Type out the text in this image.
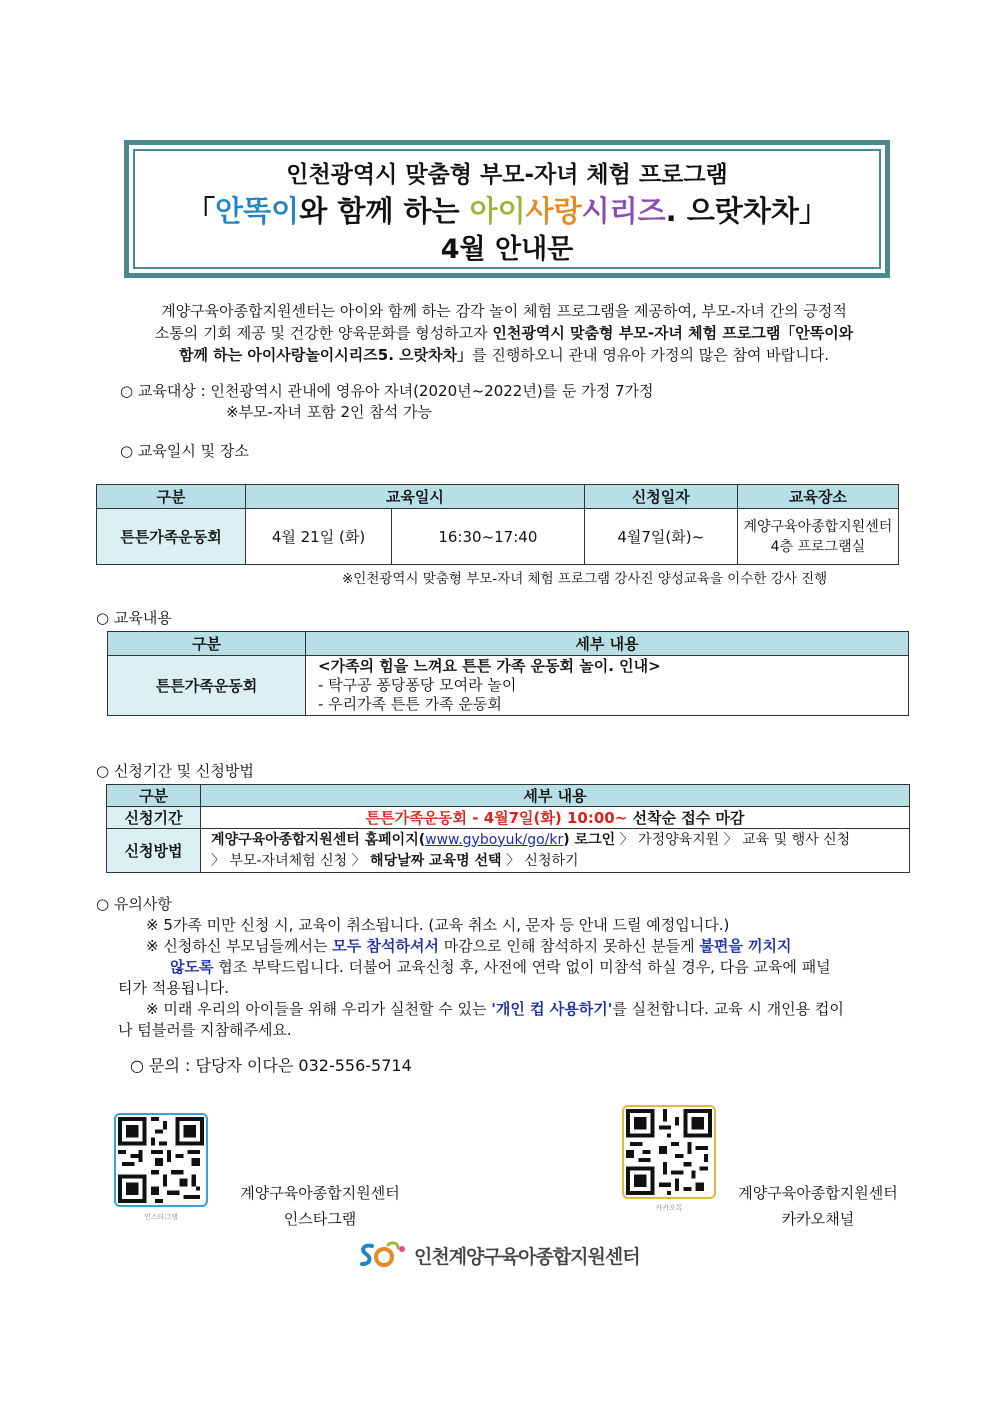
인천광역시 맞춤형 부모-자녀 체험 프로그램
「안똑이와 함께 하는 아이사랑시리즈. 으랏차차」
4월 안내문
계양구육아종합지원센터는 아이와 함께 하는 감각 놀이 체험 프로그램을 제공하여, 부모-자녀 간의 긍정적
소통의 기회 제공 및 건강한 양육문화를 형성하고자 인천광역시 맞춤형 부모-자녀 체험 프로그램「안똑이와
함께 하는 아이사랑놀이시리즈5. 으랏차차」를 진행하오니 관내 영유아 가정의 많은 참여 바랍니다.
○ 교육대상 : 인천광역시 관내에 영유아 자녀(2020년~2022년)를 둔 가정 7가정
※부모-자녀 포함 2인 참석 가능
○ 교육일시 및 장소
구분	교육일시		신청일자	교육장소
튼튼가족운동회	4월 21일 (화)	16:30~17:40	4월7일(화)~	계양구육아종합지원센터
4층 프로그램실
※인천광역시 맞춤형 부모-자녀 체험 프로그램 강사진 양성교육을 이수한 강사 진행
○ 교육내용
구분	세부 내용
튼튼가족운동회	<가족의 힘을 느껴요 튼튼 가족 운동회 놀이. 인내>
- 탁구공 퐁당퐁당 모여라 놀이
- 우리가족 튼튼 가족 운동회
○ 신청기간 및 신청방법
구분	세부 내용
신청기간	튼튼가족운동회 - 4월7일(화) 10:00~ 선착순 접수 마감
신청방법	계양구육아종합지원센터 홈페이지(www.gyboyuk/go/kr) 로그인 〉 가정양육지원 〉 교육 및 행사 신청
〉 부모-자녀체험 신청 〉 해당날짜 교육명 선택 〉 신청하기
○ 유의사항
※ 5가족 미만 신청 시, 교육이 취소됩니다. (교육 취소 시, 문자 등 안내 드릴 예정입니다.)
※ 신청하신 부모님들께서는 모두 참석하셔서 마감으로 인해 참석하지 못하신 분들게 불편을 끼치지
않도록 협조 부탁드립니다. 더불어 교육신청 후, 사전에 연락 없이 미참석 하실 경우, 다음 교육에 패널
티가 적용됩니다.
※ 미래 우리의 아이들을 위해 우리가 실천할 수 있는 '개인 컵 사용하기'를 실천합니다. 교육 시 개인용 컵이
나 텀블러를 지참해주세요.
○ 문의 : 담당자 이다은 032-556-5714
인스타그램
계양구육아종합지원센터
인스타그램
카카오톡
계양구육아종합지원센터
카카오채널
인천계양구육아종합지원센터
